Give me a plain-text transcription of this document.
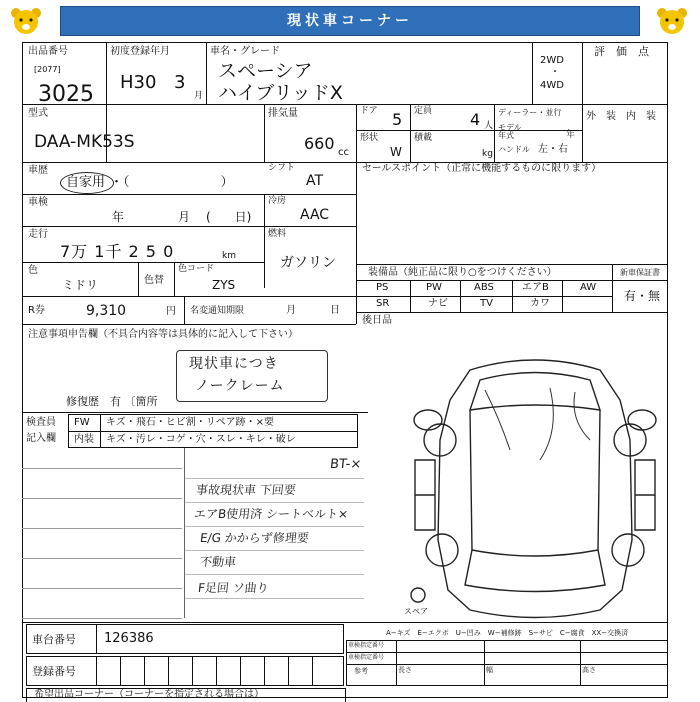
現状車コーナー
出品番号
[2077]
3025
初度登録年月
H30 3
月
車名・グレード
スペーシア
ハイブリッドX
2WD
・
4WD
評　価　点
外　装　内　装
型式
DAA-MK53S
排気量
660 cc
ドア 5 定員 4 人
ディーラー・並行
モデル年式	年
形状
W
積載
kg ハンドル 左・右
車歴
自家用 ・（　　　　　　　）
シフト
AT
車検
年	月 (　　日)
冷房
AAC
走行
7万 1千 2 5 0	km
燃料
ガソリン
色
ミドリ	色替
色コード
ZYS
R券	9,310	円 名変通知期限	月	日
セールスポイント（正常に機能するものに限ります）
装備品（純正品に限り○をつけください）	新車保証書
PS	PW	ABS	エアB	AW
SR	ナビ	TV	カワ
有・無
後日品
注意事項申告欄（不具合内容等は具体的に記入して下さい）
現状車につき
ノークレーム
修復歴　有 〔箇所
検査員
記入欄
FW キズ・飛石・ヒビ割・リペア跡・×要
内装 キズ・汚レ・コゲ・穴・スレ・キレ・破レ
BT-×
事故現状車 下回要
エアB使用済 シートベルト×
E/G かからず修理要
不動車
F足回 ソ曲り
スペア
A−キズ　E−エクボ　U−凹み　W−補修跡　S−サビ　C−腐食　XX−交換済
車台番号 126386
登録番号
車検指定番号
車検指定番号
参考	長さ	幅	高さ
希望出品コーナー（コーナーを指定される場合は）
